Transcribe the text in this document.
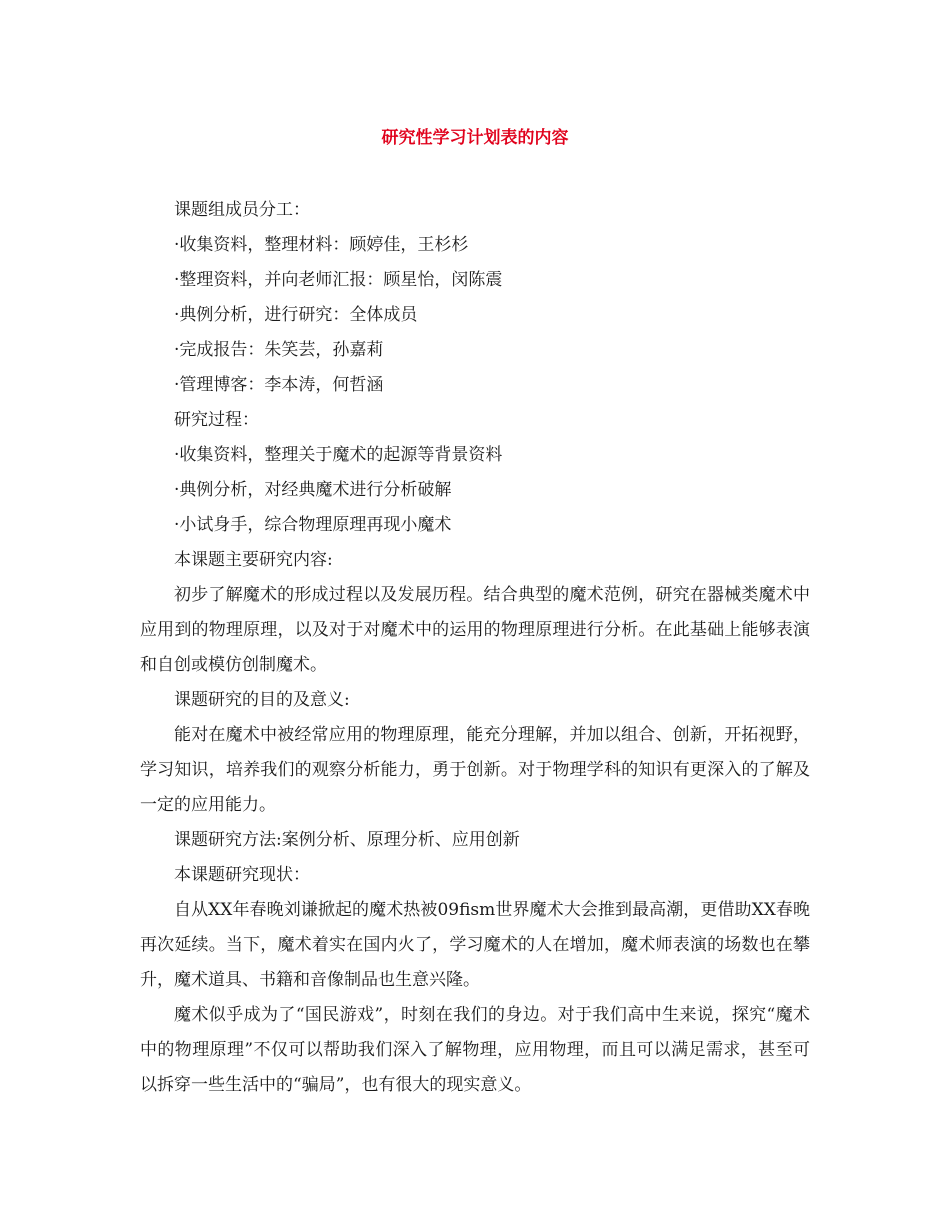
研究性学习计划表的内容

课题组成员分工：

·收集资料，整理材料：顾婷佳，王杉杉

·整理资料，并向老师汇报：顾星怡，闵陈震

·典例分析，进行研究：全体成员

·完成报告：朱笑芸，孙嘉莉

·管理博客：李本涛，何哲涵

研究过程：

·收集资料，整理关于魔术的起源等背景资料

·典例分析，对经典魔术进行分析破解

·小试身手，综合物理原理再现小魔术

本课题主要研究内容:

初步了解魔术的形成过程以及发展历程。结合典型的魔术范例，研究在器械类魔术中应用到的物理原理，以及对于对魔术中的运用的物理原理进行分析。在此基础上能够表演和自创或模仿创制魔术。

课题研究的目的及意义:

能对在魔术中被经常应用的物理原理，能充分理解，并加以组合、创新，开拓视野，学习知识，培养我们的观察分析能力，勇于创新。对于物理学科的知识有更深入的了解及一定的应用能力。

课题研究方法:案例分析、原理分析、应用创新

本课题研究现状：

自从XX年春晚刘谦掀起的魔术热被09fism世界魔术大会推到最高潮，更借助XX春晚再次延续。当下，魔术着实在国内火了，学习魔术的人在增加，魔术师表演的场数也在攀升，魔术道具、书籍和音像制品也生意兴隆。

魔术似乎成为了“国民游戏”，时刻在我们的身边。对于我们高中生来说，探究“魔术中的物理原理”不仅可以帮助我们深入了解物理，应用物理，而且可以满足需求，甚至可以拆穿一些生活中的“骗局”，也有很大的现实意义。
